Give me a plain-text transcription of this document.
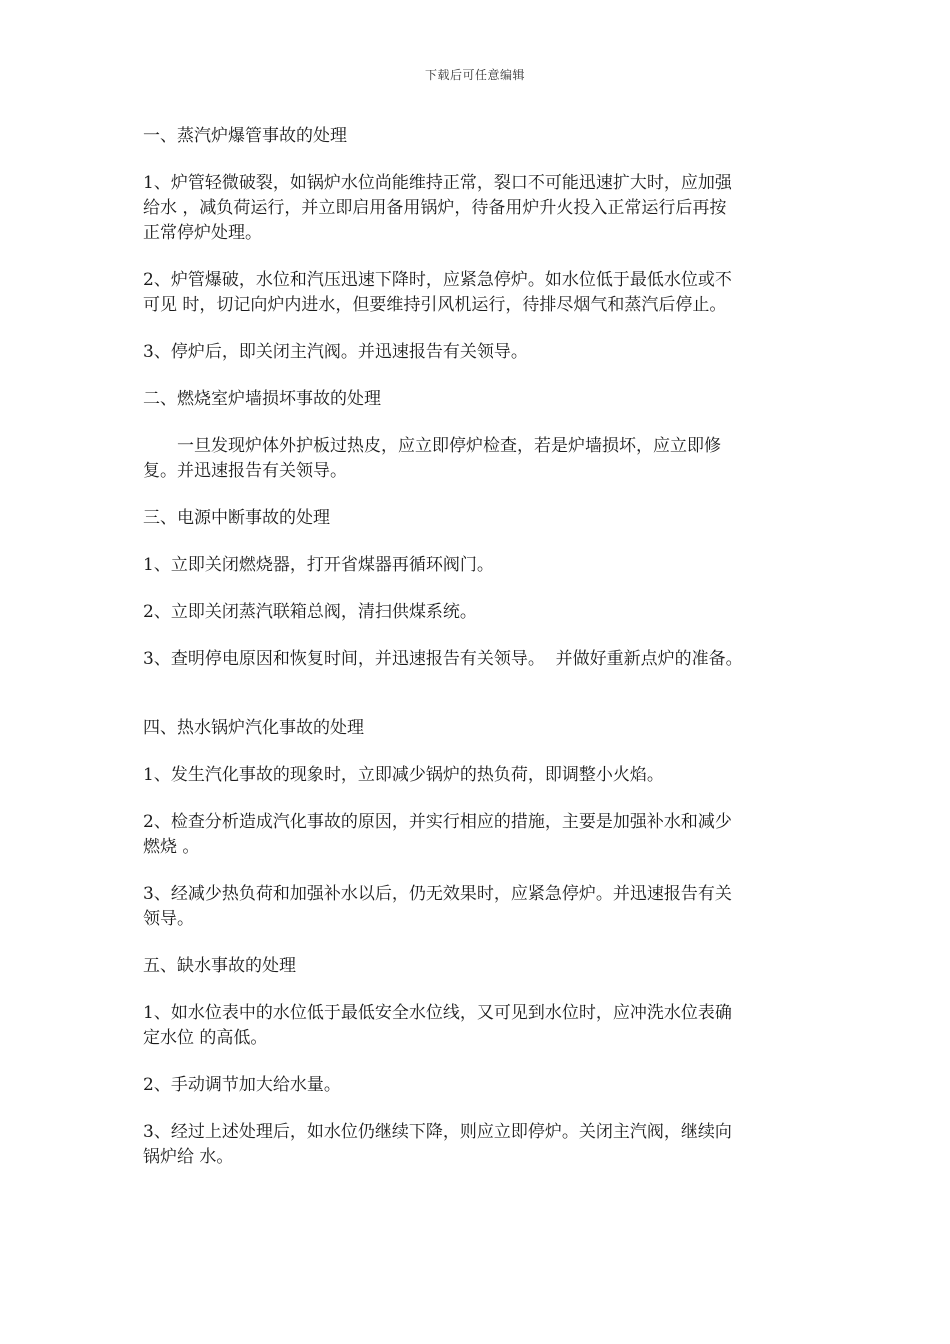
下载后可任意编辑

一、蒸汽炉爆管事故的处理

1、炉管轻微破裂，如锅炉水位尚能维持正常，裂口不可能迅速扩大时，应加强
给水 ，减负荷运行，并立即启用备用锅炉，待备用炉升火投入正常运行后再按
正常停炉处理。

2、炉管爆破，水位和汽压迅速下降时，应紧急停炉。如水位低于最低水位或不
可见 时，切记向炉内进水，但要维持引风机运行，待排尽烟气和蒸汽后停止。

3、停炉后，即关闭主汽阀。并迅速报告有关领导。

二、燃烧室炉墙损坏事故的处理

一旦发现炉体外护板过热皮，应立即停炉检查，若是炉墙损坏，应立即修
复。并迅速报告有关领导。

三、电源中断事故的处理

1、立即关闭燃烧器，打开省煤器再循环阀门。

2、立即关闭蒸汽联箱总阀，清扫供煤系统。

3、查明停电原因和恢复时间，并迅速报告有关领导。  并做好重新点炉的准备。

四、热水锅炉汽化事故的处理

1、发生汽化事故的现象时，立即减少锅炉的热负荷，即调整小火焰。

2、检查分析造成汽化事故的原因，并实行相应的措施，主要是加强补水和减少
燃烧 。

3、经减少热负荷和加强补水以后，仍无效果时，应紧急停炉。并迅速报告有关
领导。

五、缺水事故的处理

1、如水位表中的水位低于最低安全水位线，又可见到水位时，应冲洗水位表确
定水位 的高低。

2、手动调节加大给水量。

3、经过上述处理后，如水位仍继续下降，则应立即停炉。关闭主汽阀，继续向
锅炉给 水。
